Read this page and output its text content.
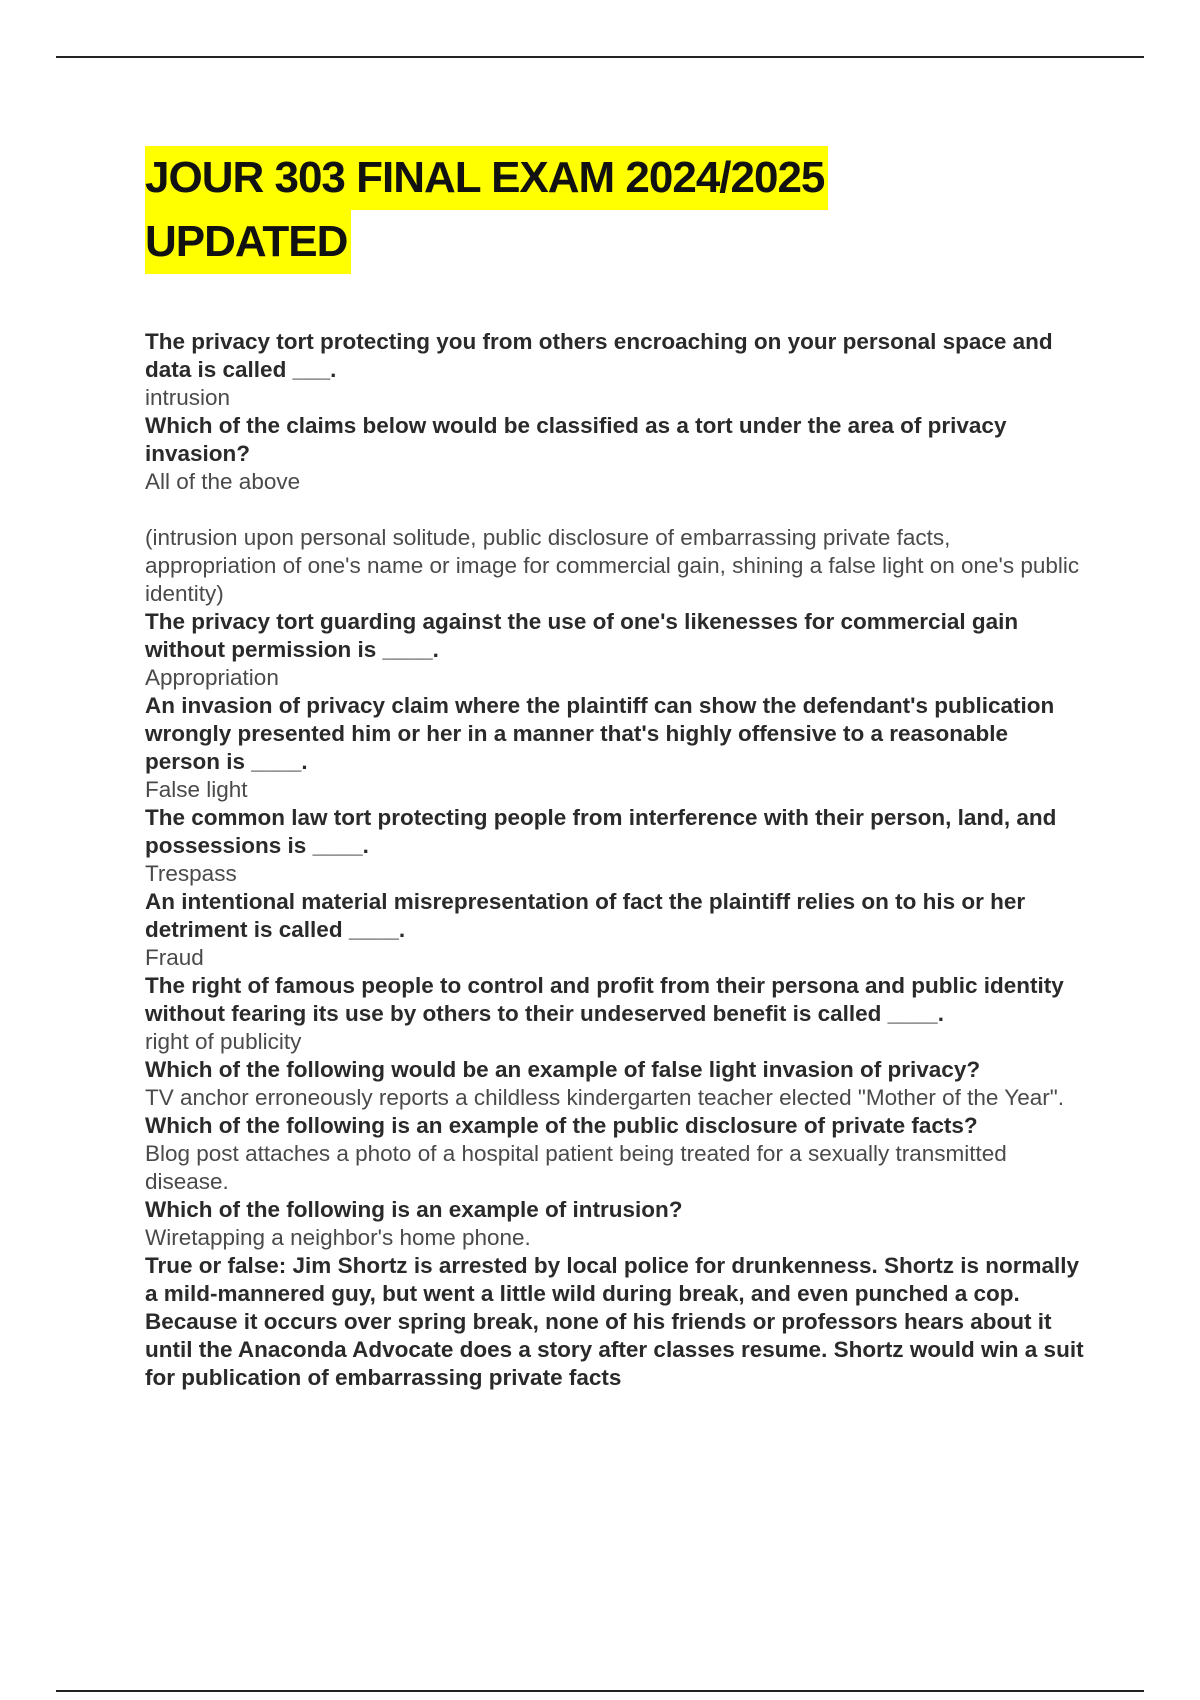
JOUR 303 FINAL EXAM 2024/2025
UPDATED

The privacy tort protecting you from others encroaching on your personal space and data is called ___.

intrusion

Which of the claims below would be classified as a tort under the area of privacy invasion?

All of the above
(intrusion upon personal solitude, public disclosure of embarrassing private facts, appropriation of one's name or image for commercial gain, shining a false light on one's public identity)

The privacy tort guarding against the use of one's likenesses for commercial gain without permission is ____.

Appropriation

An invasion of privacy claim where the plaintiff can show the defendant's publication wrongly presented him or her in a manner that's highly offensive to a reasonable person is ____.

False light

The common law tort protecting people from interference with their person, land, and possessions is ____.

Trespass

An intentional material misrepresentation of fact the plaintiff relies on to his or her detriment is called ____.

Fraud

The right of famous people to control and profit from their persona and public identity without fearing its use by others to their undeserved benefit is called ____.

right of publicity

Which of the following would be an example of false light invasion of privacy?

TV anchor erroneously reports a childless kindergarten teacher elected "Mother of the Year".

Which of the following is an example of the public disclosure of private facts?

Blog post attaches a photo of a hospital patient being treated for a sexually transmitted disease.

Which of the following is an example of intrusion?

Wiretapping a neighbor's home phone.

True or false: Jim Shortz is arrested by local police for drunkenness. Shortz is normally a mild-mannered guy, but went a little wild during break, and even punched a cop. Because it occurs over spring break, none of his friends or professors hears about it until the Anaconda Advocate does a story after classes resume. Shortz would win a suit for publication of embarrassing private facts
